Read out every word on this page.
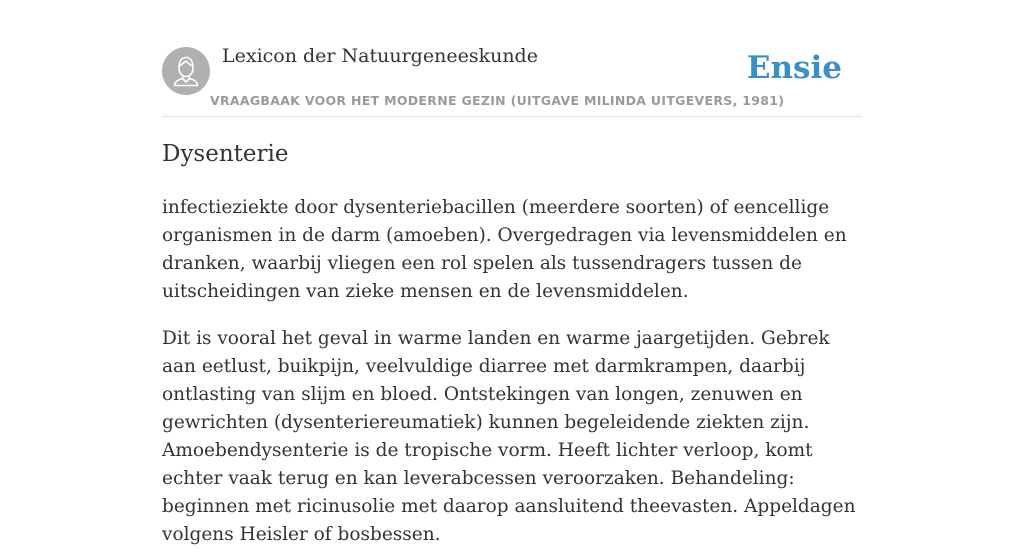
Lexicon der Natuurgeneeskunde
VRAAGBAAK VOOR HET MODERNE GEZIN (UITGAVE MILINDA UITGEVERS, 1981)
Ensie
Dysenterie

infectieziekte door dysenteriebacillen (meerdere soorten) of eencellige organismen in de darm (amoeben). Overgedragen via levensmiddelen en dranken, waarbij vliegen een rol spelen als tussendragers tussen de uitscheidingen van zieke mensen en de levensmiddelen.

Dit is vooral het geval in warme landen en warme jaargetijden. Gebrek aan eetlust, buikpijn, veelvuldige diarree met darmkrampen, daarbij ontlasting van slijm en bloed. Ontstekingen van longen, zenuwen en gewrichten (dysenteriereumatiek) kunnen begeleidende ziekten zijn. Amoebendysenterie is de tropische vorm. Heeft lichter verloop, komt echter vaak terug en kan leverabcessen veroorzaken. Behandeling: beginnen met ricinusolie met daarop aansluitend theevasten. Appeldagen volgens Heisler of bosbessen.
